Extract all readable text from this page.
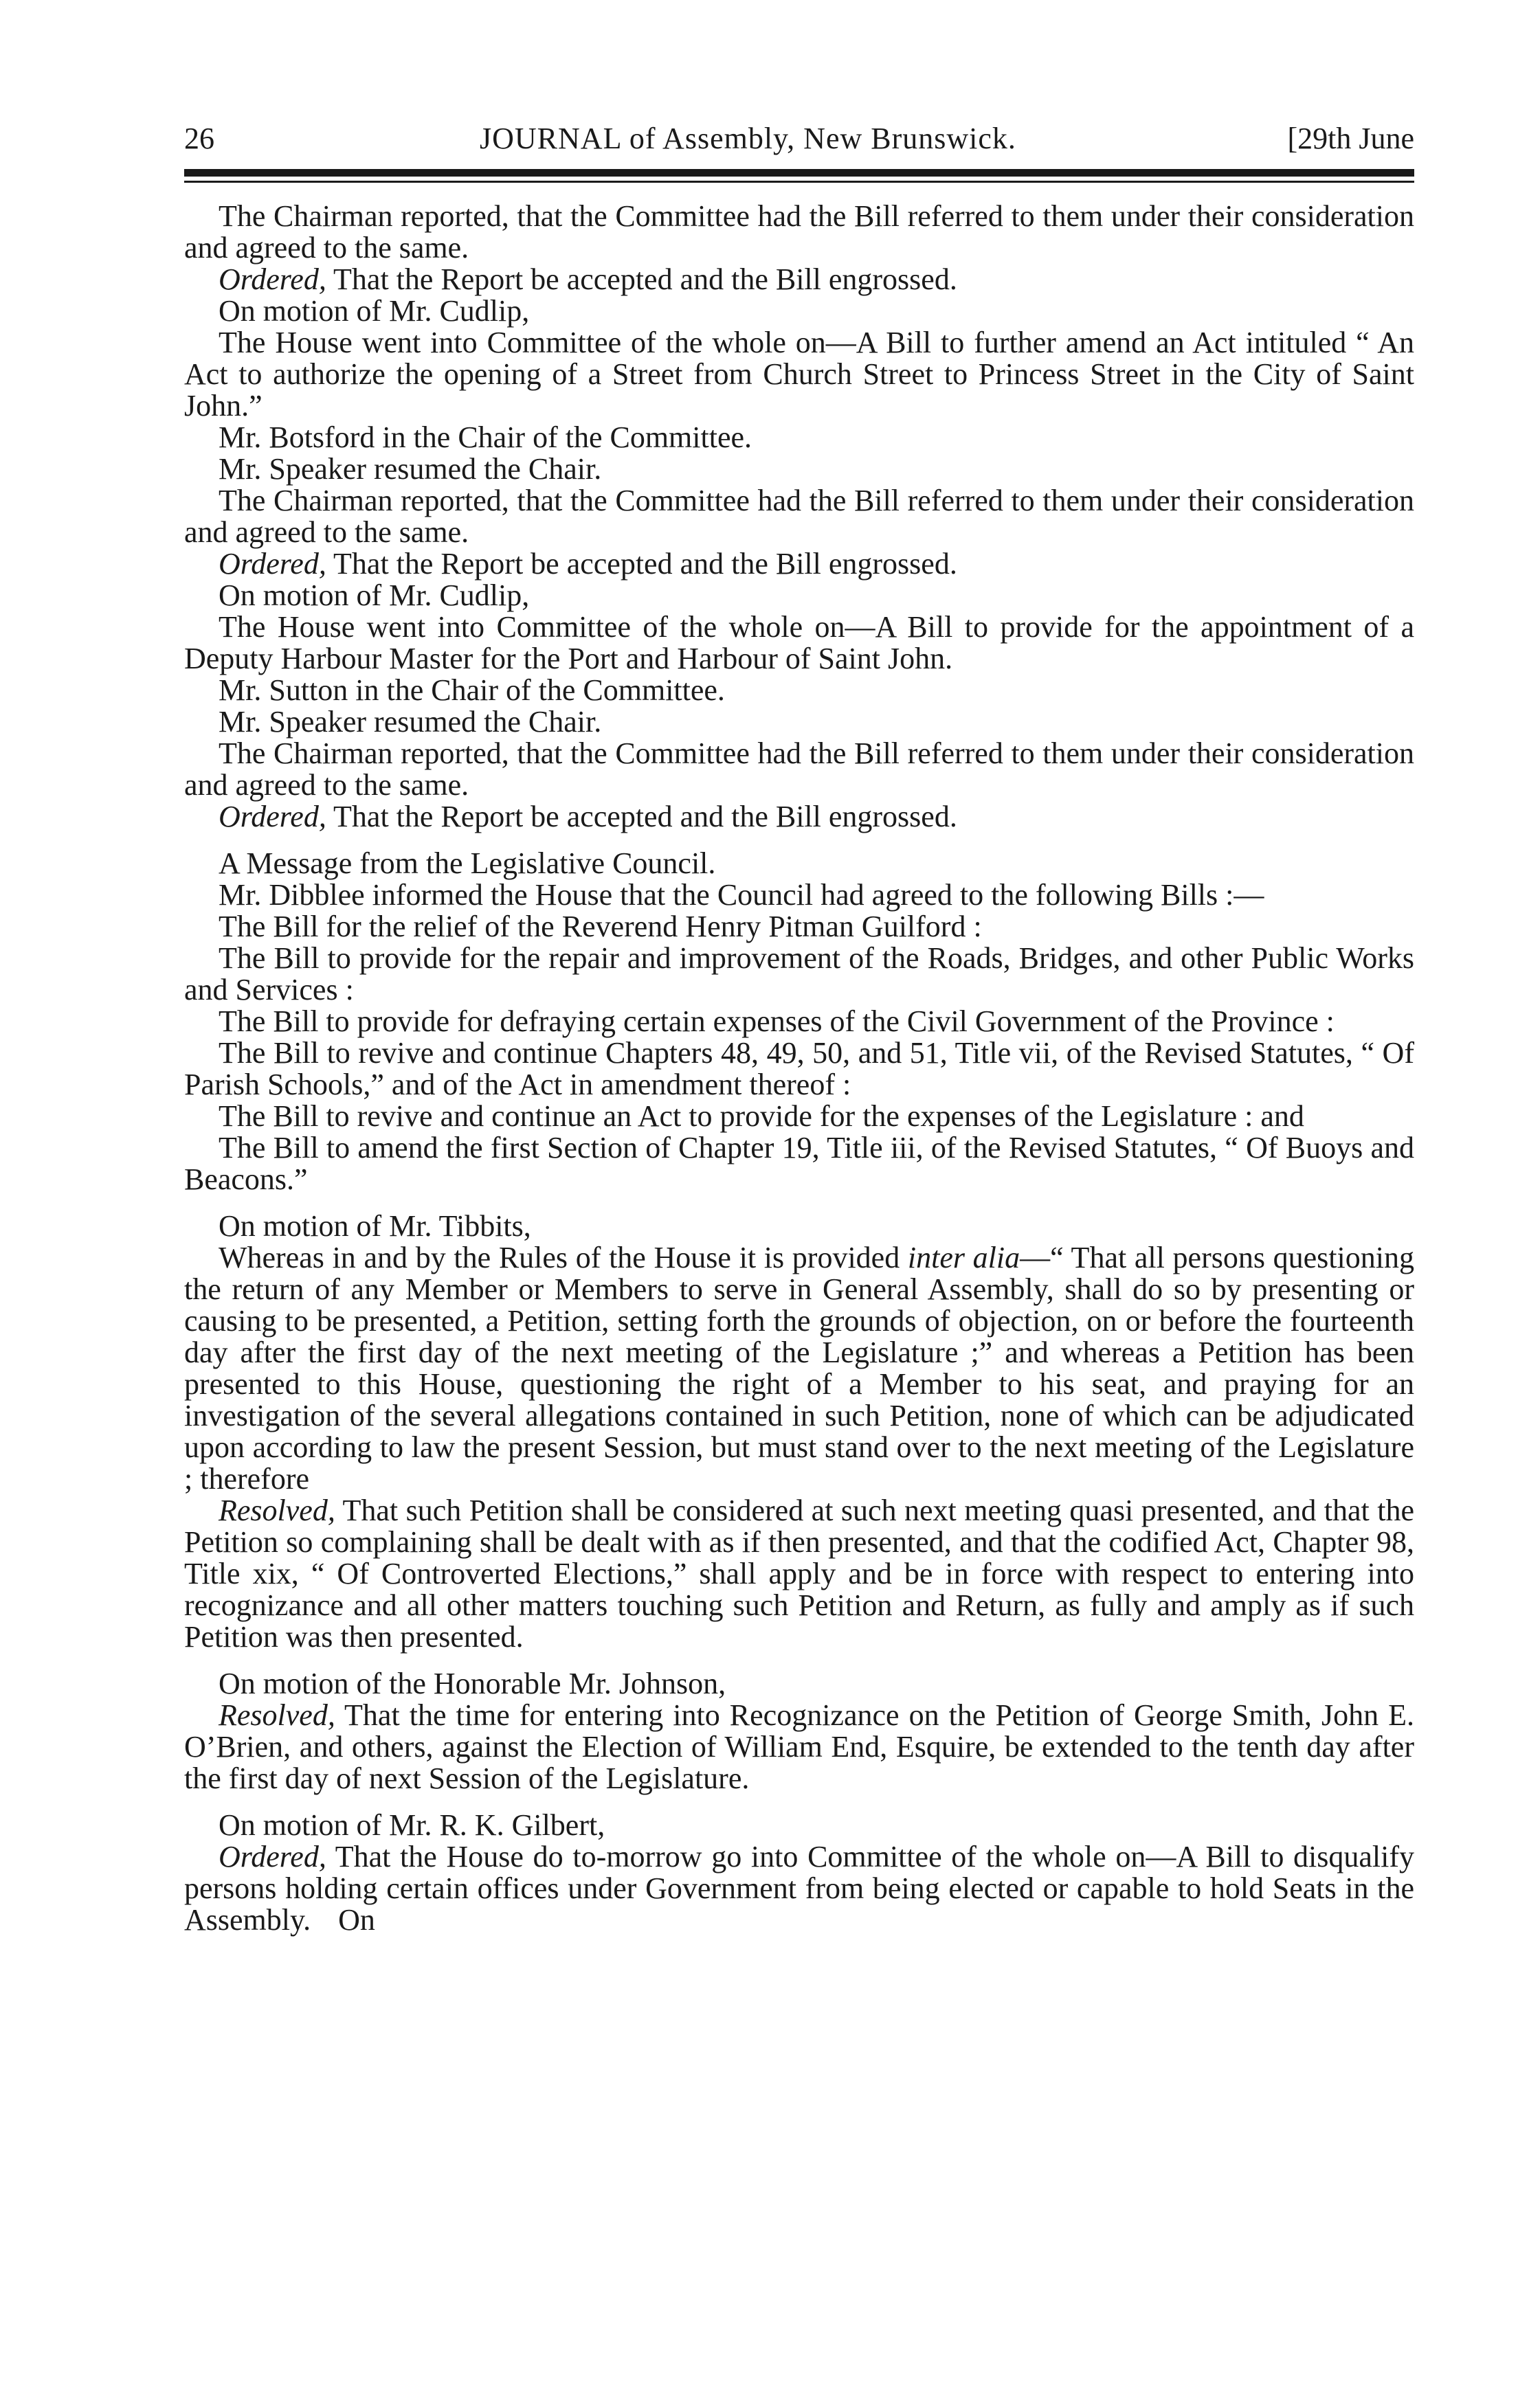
26	JOURNAL of Assembly, New Brunswick.	[29th June

The Chairman reported, that the Committee had the Bill referred to them under their consideration and agreed to the same.

Ordered, That the Report be accepted and the Bill engrossed.

On motion of Mr. Cudlip,

The House went into Committee of the whole on—A Bill to further amend an Act intituled “ An Act to authorize the opening of a Street from Church Street to Princess Street in the City of Saint John.”

Mr. Botsford in the Chair of the Committee.

Mr. Speaker resumed the Chair.

The Chairman reported, that the Committee had the Bill referred to them under their consideration and agreed to the same.

Ordered, That the Report be accepted and the Bill engrossed.

On motion of Mr. Cudlip,

The House went into Committee of the whole on—A Bill to provide for the appointment of a Deputy Harbour Master for the Port and Harbour of Saint John.

Mr. Sutton in the Chair of the Committee.

Mr. Speaker resumed the Chair.

The Chairman reported, that the Committee had the Bill referred to them under their consideration and agreed to the same.

Ordered, That the Report be accepted and the Bill engrossed.

A Message from the Legislative Council.

Mr. Dibblee informed the House that the Council had agreed to the following Bills :—

The Bill for the relief of the Reverend Henry Pitman Guilford :

The Bill to provide for the repair and improvement of the Roads, Bridges, and other Public Works and Services :

The Bill to provide for defraying certain expenses of the Civil Government of the Province :

The Bill to revive and continue Chapters 48, 49, 50, and 51, Title vii, of the Revised Statutes, “ Of Parish Schools,” and of the Act in amendment thereof :

The Bill to revive and continue an Act to provide for the expenses of the Legislature : and

The Bill to amend the first Section of Chapter 19, Title iii, of the Revised Statutes, “ Of Buoys and Beacons.”

On motion of Mr. Tibbits,

Whereas in and by the Rules of the House it is provided inter alia—“ That all persons questioning the return of any Member or Members to serve in General Assembly, shall do so by presenting or causing to be presented, a Petition, setting forth the grounds of objection, on or before the fourteenth day after the first day of the next meeting of the Legislature ;” and whereas a Petition has been presented to this House, questioning the right of a Member to his seat, and praying for an investigation of the several allegations contained in such Petition, none of which can be adjudicated upon according to law the present Session, but must stand over to the next meeting of the Legislature ; therefore

Resolved, That such Petition shall be considered at such next meeting quasi presented, and that the Petition so complaining shall be dealt with as if then presented, and that the codified Act, Chapter 98, Title xix, “ Of Controverted Elections,” shall apply and be in force with respect to entering into recognizance and all other matters touching such Petition and Return, as fully and amply as if such Petition was then presented.

On motion of the Honorable Mr. Johnson,

Resolved, That the time for entering into Recognizance on the Petition of George Smith, John E. O’Brien, and others, against the Election of William End, Esquire, be extended to the tenth day after the first day of next Session of the Legislature.

On motion of Mr. R. K. Gilbert,

Ordered, That the House do to-morrow go into Committee of the whole on—A Bill to disqualify persons holding certain offices under Government from being elected or capable to hold Seats in the Assembly. On
